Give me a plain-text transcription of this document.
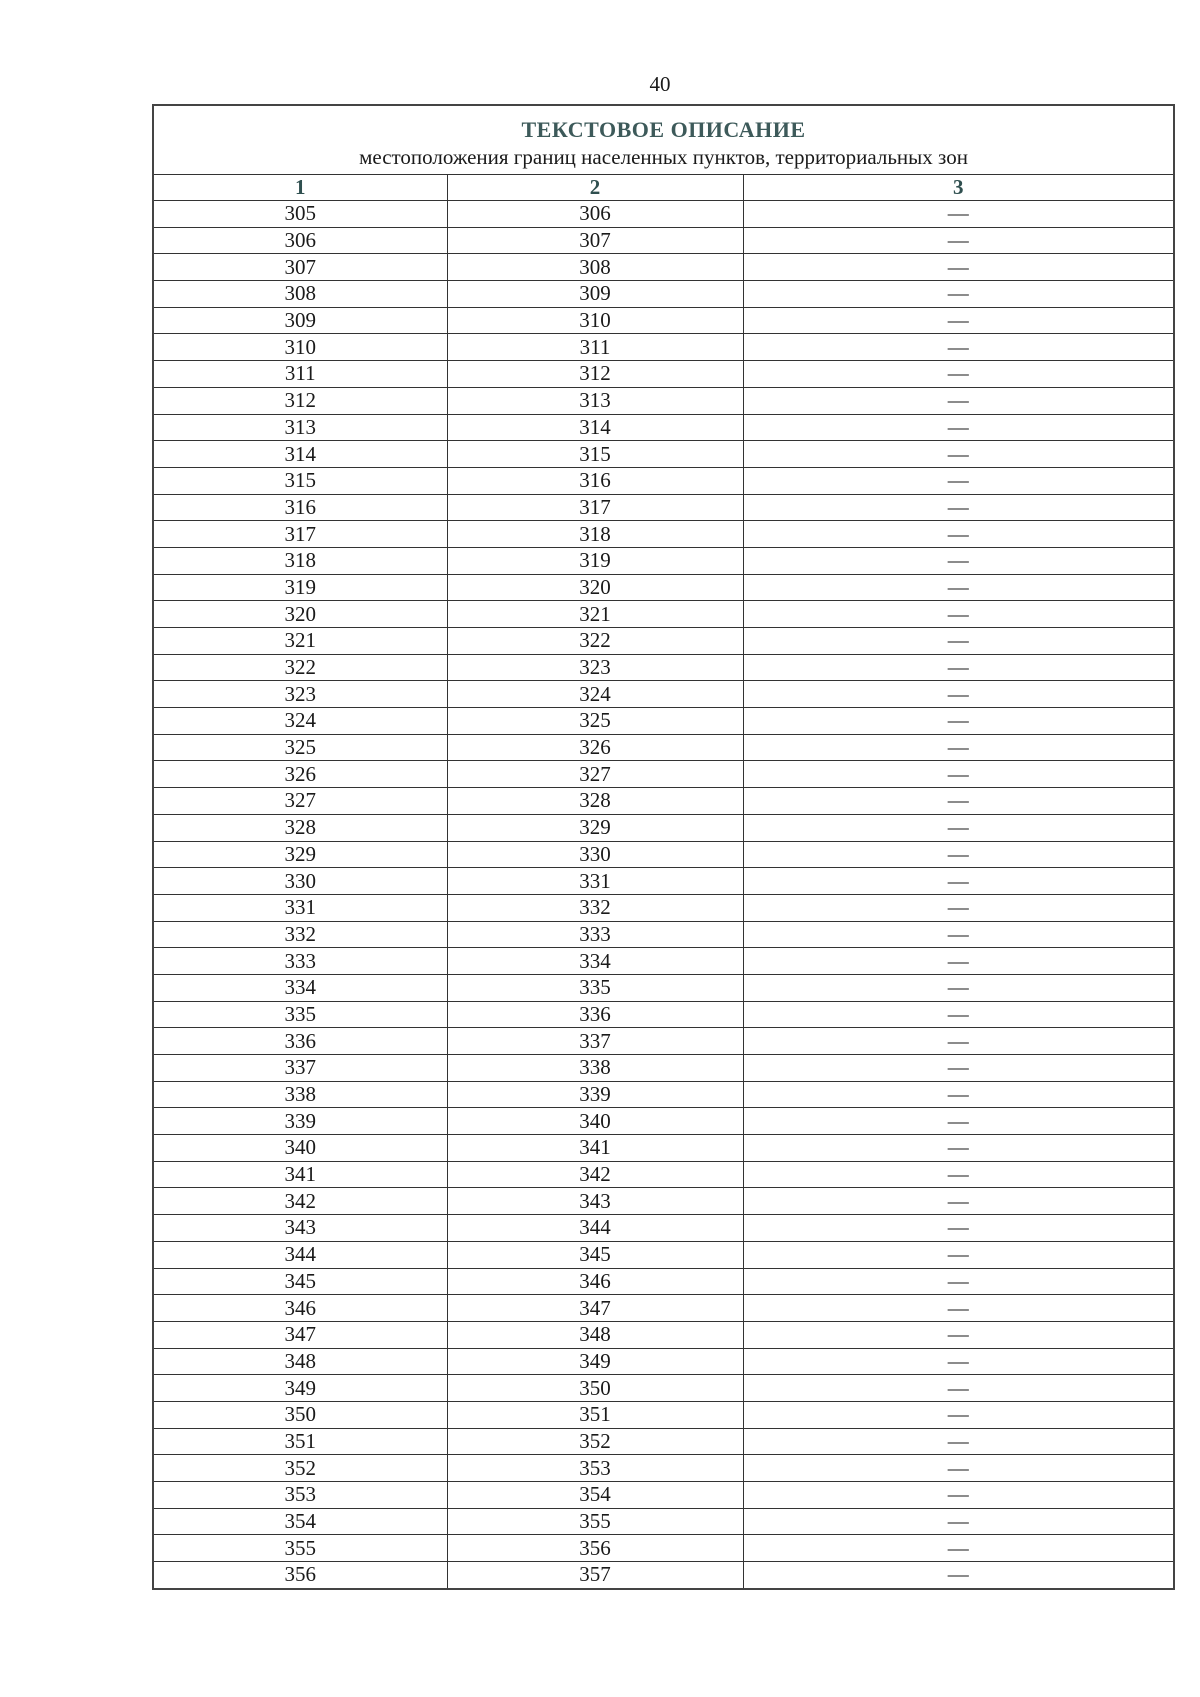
40
ТЕКСТОВОЕ ОПИСАНИЕ
местоположения границ населенных пунктов, территориальных зон		

1	2	3
305	306	—
306	307	—
307	308	—
308	309	—
309	310	—
310	311	—
311	312	—
312	313	—
313	314	—
314	315	—
315	316	—
316	317	—
317	318	—
318	319	—
319	320	—
320	321	—
321	322	—
322	323	—
323	324	—
324	325	—
325	326	—
326	327	—
327	328	—
328	329	—
329	330	—
330	331	—
331	332	—
332	333	—
333	334	—
334	335	—
335	336	—
336	337	—
337	338	—
338	339	—
339	340	—
340	341	—
341	342	—
342	343	—
343	344	—
344	345	—
345	346	—
346	347	—
347	348	—
348	349	—
349	350	—
350	351	—
351	352	—
352	353	—
353	354	—
354	355	—
355	356	—
356	357	—
